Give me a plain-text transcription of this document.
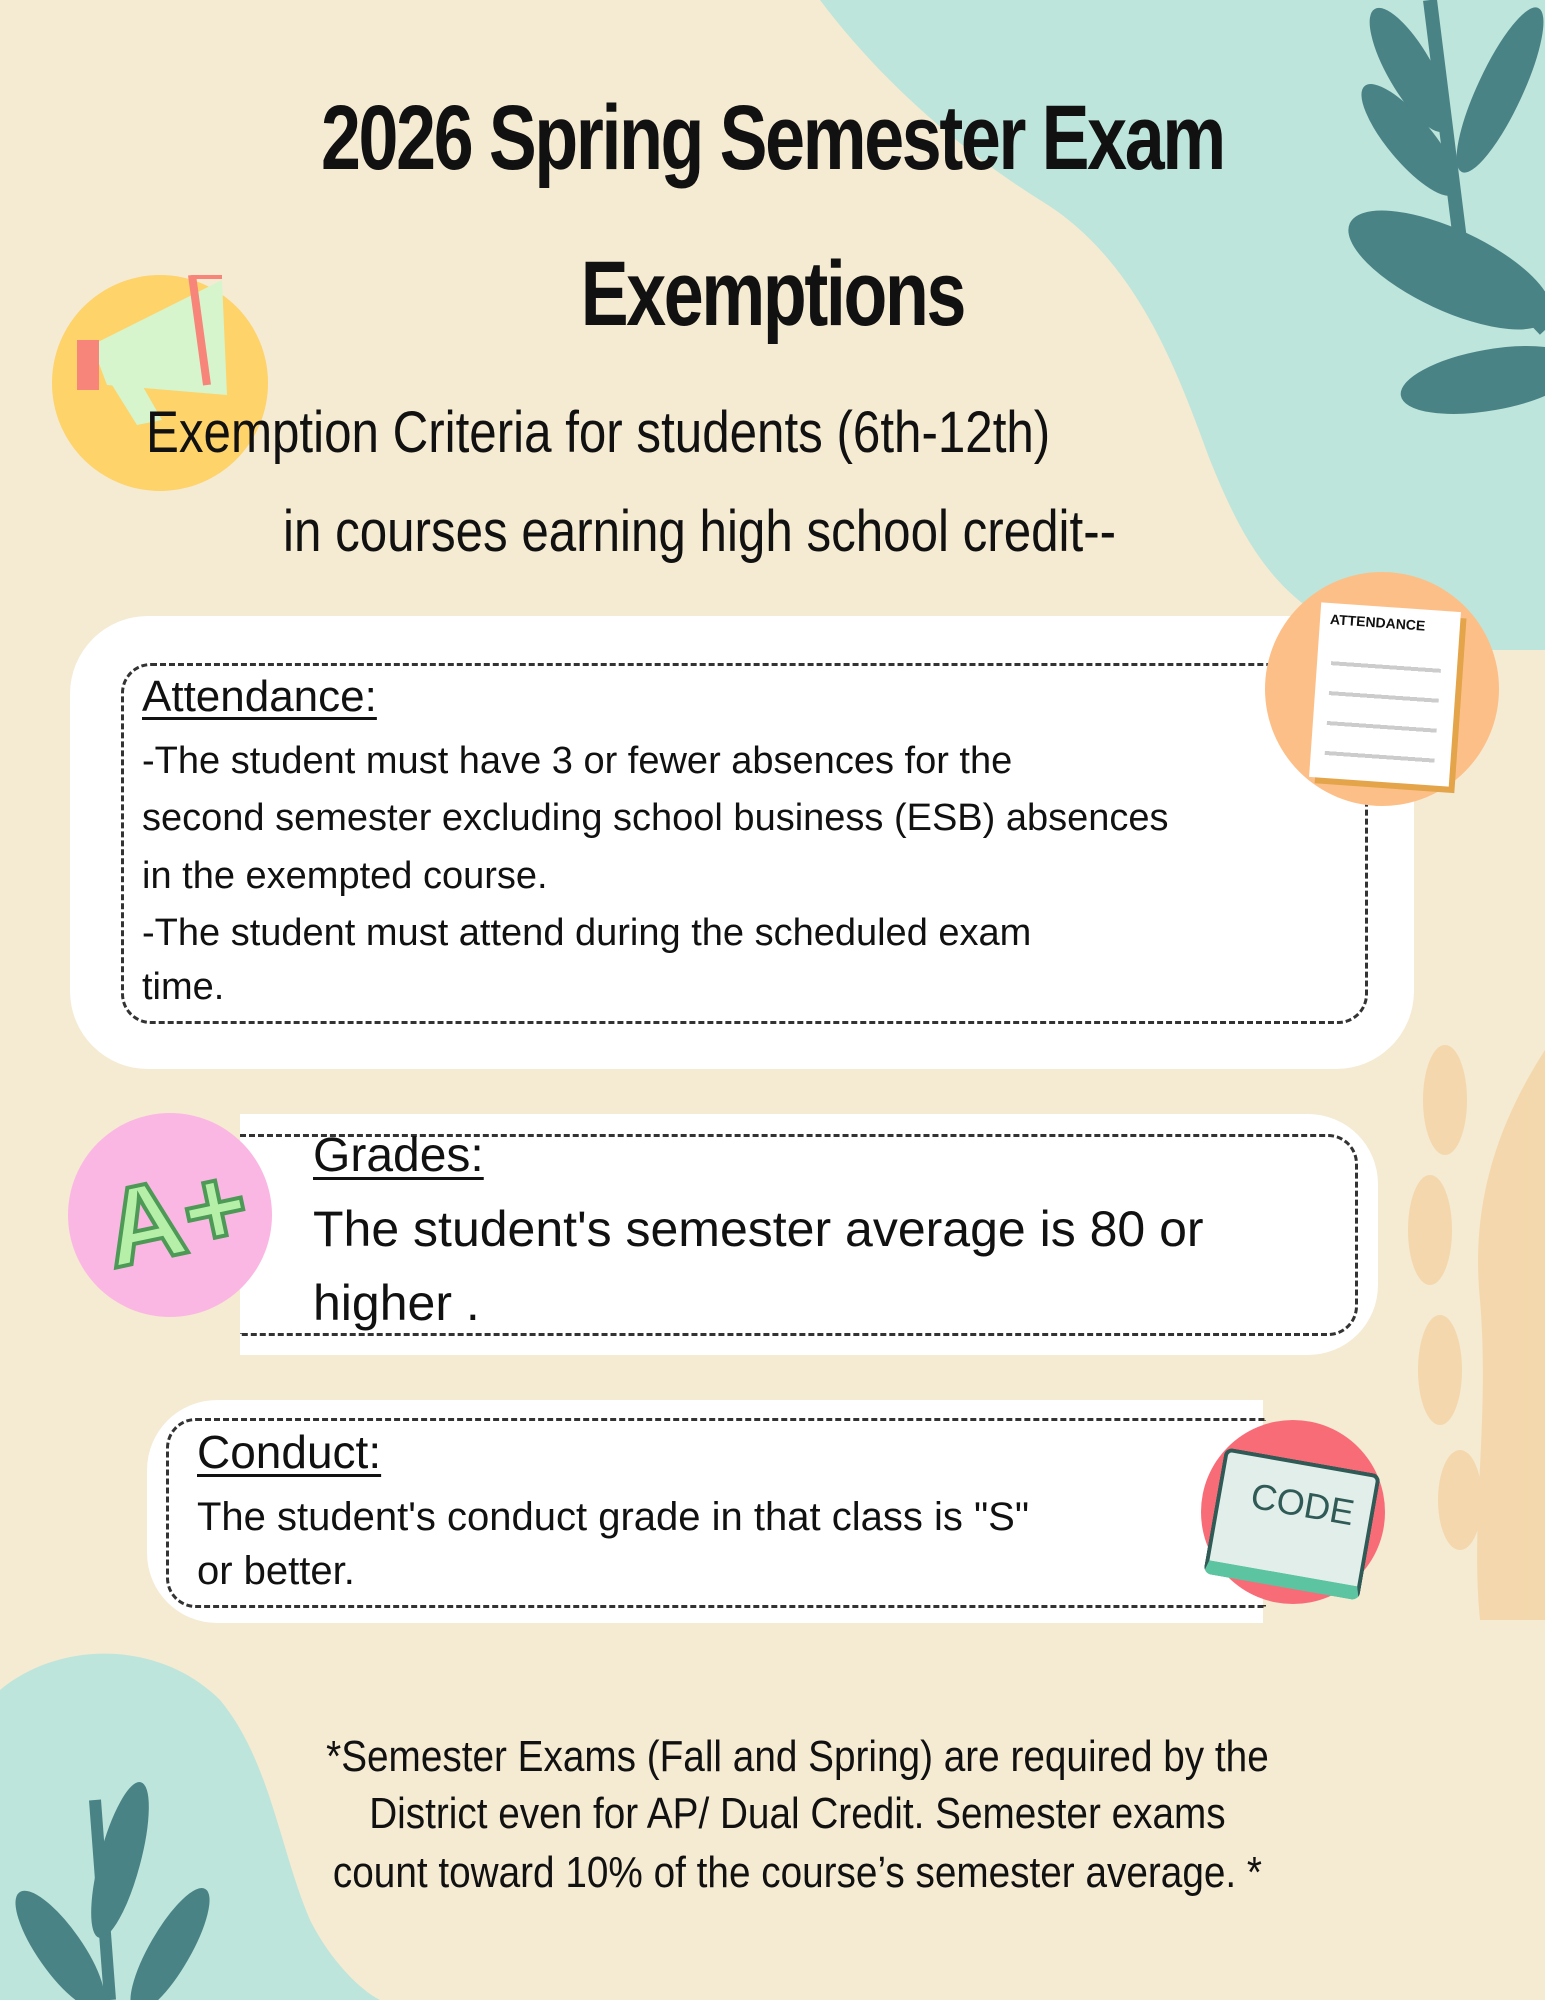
2026 Spring Semester Exam
Exemptions
Exemption Criteria for students (6th-12th)
in courses earning high school credit--
Attendance:
-The student must have 3 or fewer absences for the
second semester excluding school business (ESB) absences
in the exempted course.
-The student must attend during the scheduled exam
time.
ATTENDANCE
Grades:
The student's semester average is 80 or
higher .
A+
Conduct:
The student's conduct grade in that class is "S"
or better.
CODE
*Semester Exams (Fall and Spring) are required by the
District even for AP/ Dual Credit. Semester exams
count toward 10% of the course’s semester average. *
